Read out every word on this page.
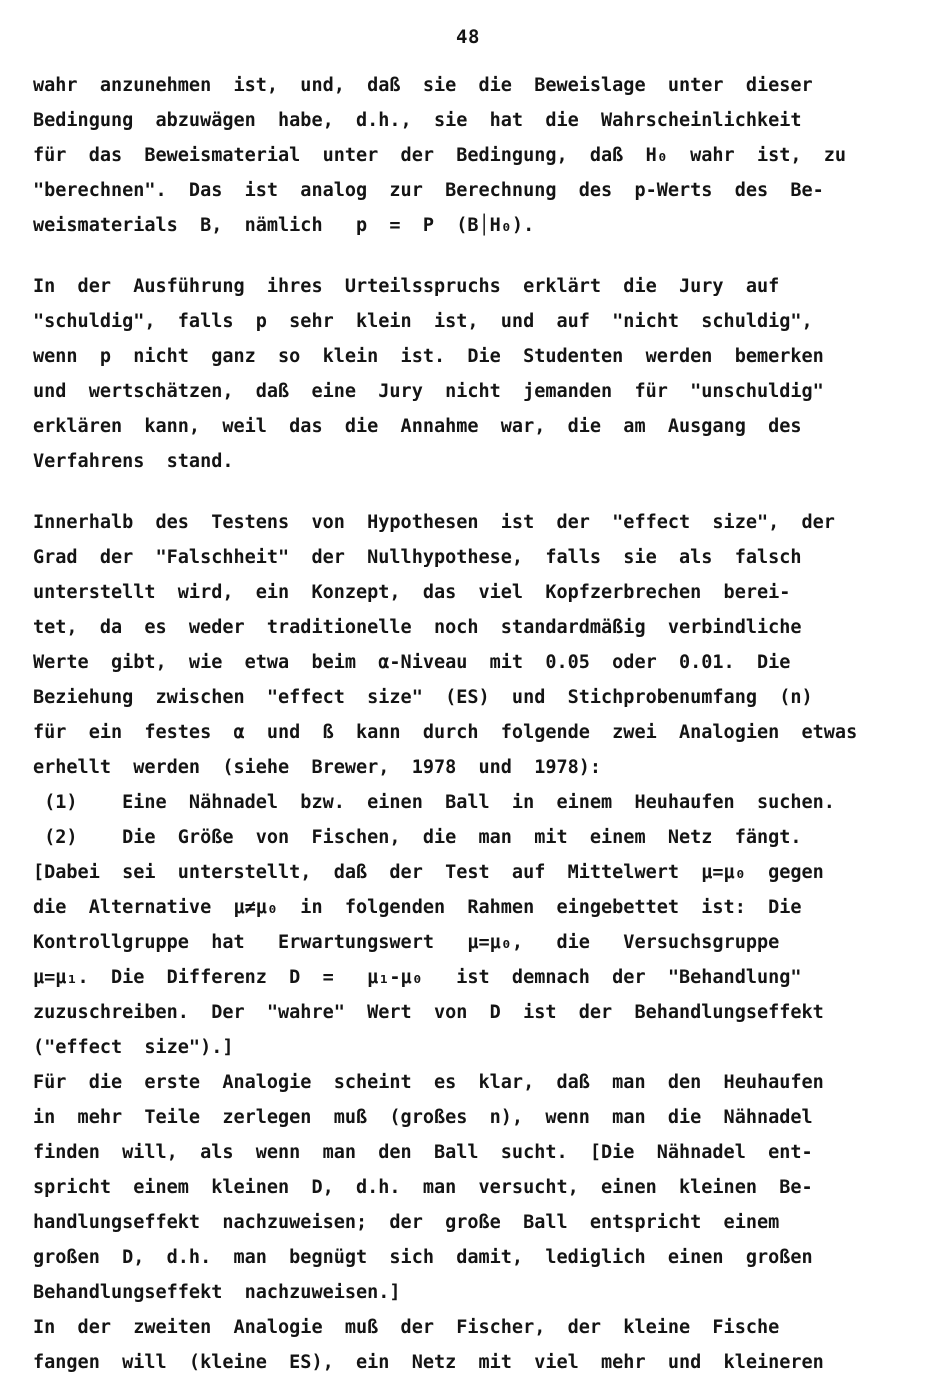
48
wahr  anzunehmen  ist,  und,  daß  sie  die  Beweislage  unter  dieser
Bedingung  abzuwägen  habe,  d.h.,  sie  hat  die  Wahrscheinlichkeit
für  das  Beweismaterial  unter  der  Bedingung,  daß  H₀  wahr  ist,  zu
"berechnen".  Das  ist  analog  zur  Berechnung  des  p-Werts  des  Be-
weismaterials  B,  nämlich   p  =  P  (B│H₀).
In  der  Ausführung  ihres  Urteilsspruchs  erklärt  die  Jury  auf
"schuldig",  falls  p  sehr  klein  ist,  und  auf  "nicht  schuldig",
wenn  p  nicht  ganz  so  klein  ist.  Die  Studenten  werden  bemerken
und  wertschätzen,  daß  eine  Jury  nicht  jemanden  für  "unschuldig"
erklären  kann,  weil  das  die  Annahme  war,  die  am  Ausgang  des
Verfahrens  stand.
Innerhalb  des  Testens  von  Hypothesen  ist  der  "effect  size",  der
Grad  der  "Falschheit"  der  Nullhypothese,  falls  sie  als  falsch
unterstellt  wird,  ein  Konzept,  das  viel  Kopfzerbrechen  berei-
tet,  da  es  weder  traditionelle  noch  standardmäßig  verbindliche
Werte  gibt,  wie  etwa  beim  α-Niveau  mit  0.05  oder  0.01.  Die
Beziehung  zwischen  "effect  size"  (ES)  und  Stichprobenumfang  (n)
für  ein  festes  α  und  ß  kann  durch  folgende  zwei  Analogien  etwas
erhellt  werden  (siehe  Brewer,  1978  und  1978):
(1)    Eine  Nähnadel  bzw.  einen  Ball  in  einem  Heuhaufen  suchen.
(2)    Die  Größe  von  Fischen,  die  man  mit  einem  Netz  fängt.
[Dabei  sei  unterstellt,  daß  der  Test  auf  Mittelwert  μ=μ₀  gegen
die  Alternative  μ≠μ₀  in  folgenden  Rahmen  eingebettet  ist:  Die
Kontrollgruppe  hat   Erwartungswert   μ=μ₀,   die   Versuchsgruppe
μ=μ₁.  Die  Differenz  D  =   μ₁-μ₀   ist  demnach  der  "Behandlung"
zuzuschreiben.  Der  "wahre"  Wert  von  D  ist  der  Behandlungseffekt
("effect  size").]
Für  die  erste  Analogie  scheint  es  klar,  daß  man  den  Heuhaufen
in  mehr  Teile  zerlegen  muß  (großes  n),  wenn  man  die  Nähnadel
finden  will,  als  wenn  man  den  Ball  sucht.  [Die  Nähnadel  ent-
spricht  einem  kleinen  D,  d.h.  man  versucht,  einen  kleinen  Be-
handlungseffekt  nachzuweisen;  der  große  Ball  entspricht  einem
großen  D,  d.h.  man  begnügt  sich  damit,  lediglich  einen  großen
Behandlungseffekt  nachzuweisen.]
In  der  zweiten  Analogie  muß  der  Fischer,  der  kleine  Fische
fangen  will  (kleine  ES),  ein  Netz  mit  viel  mehr  und  kleineren
